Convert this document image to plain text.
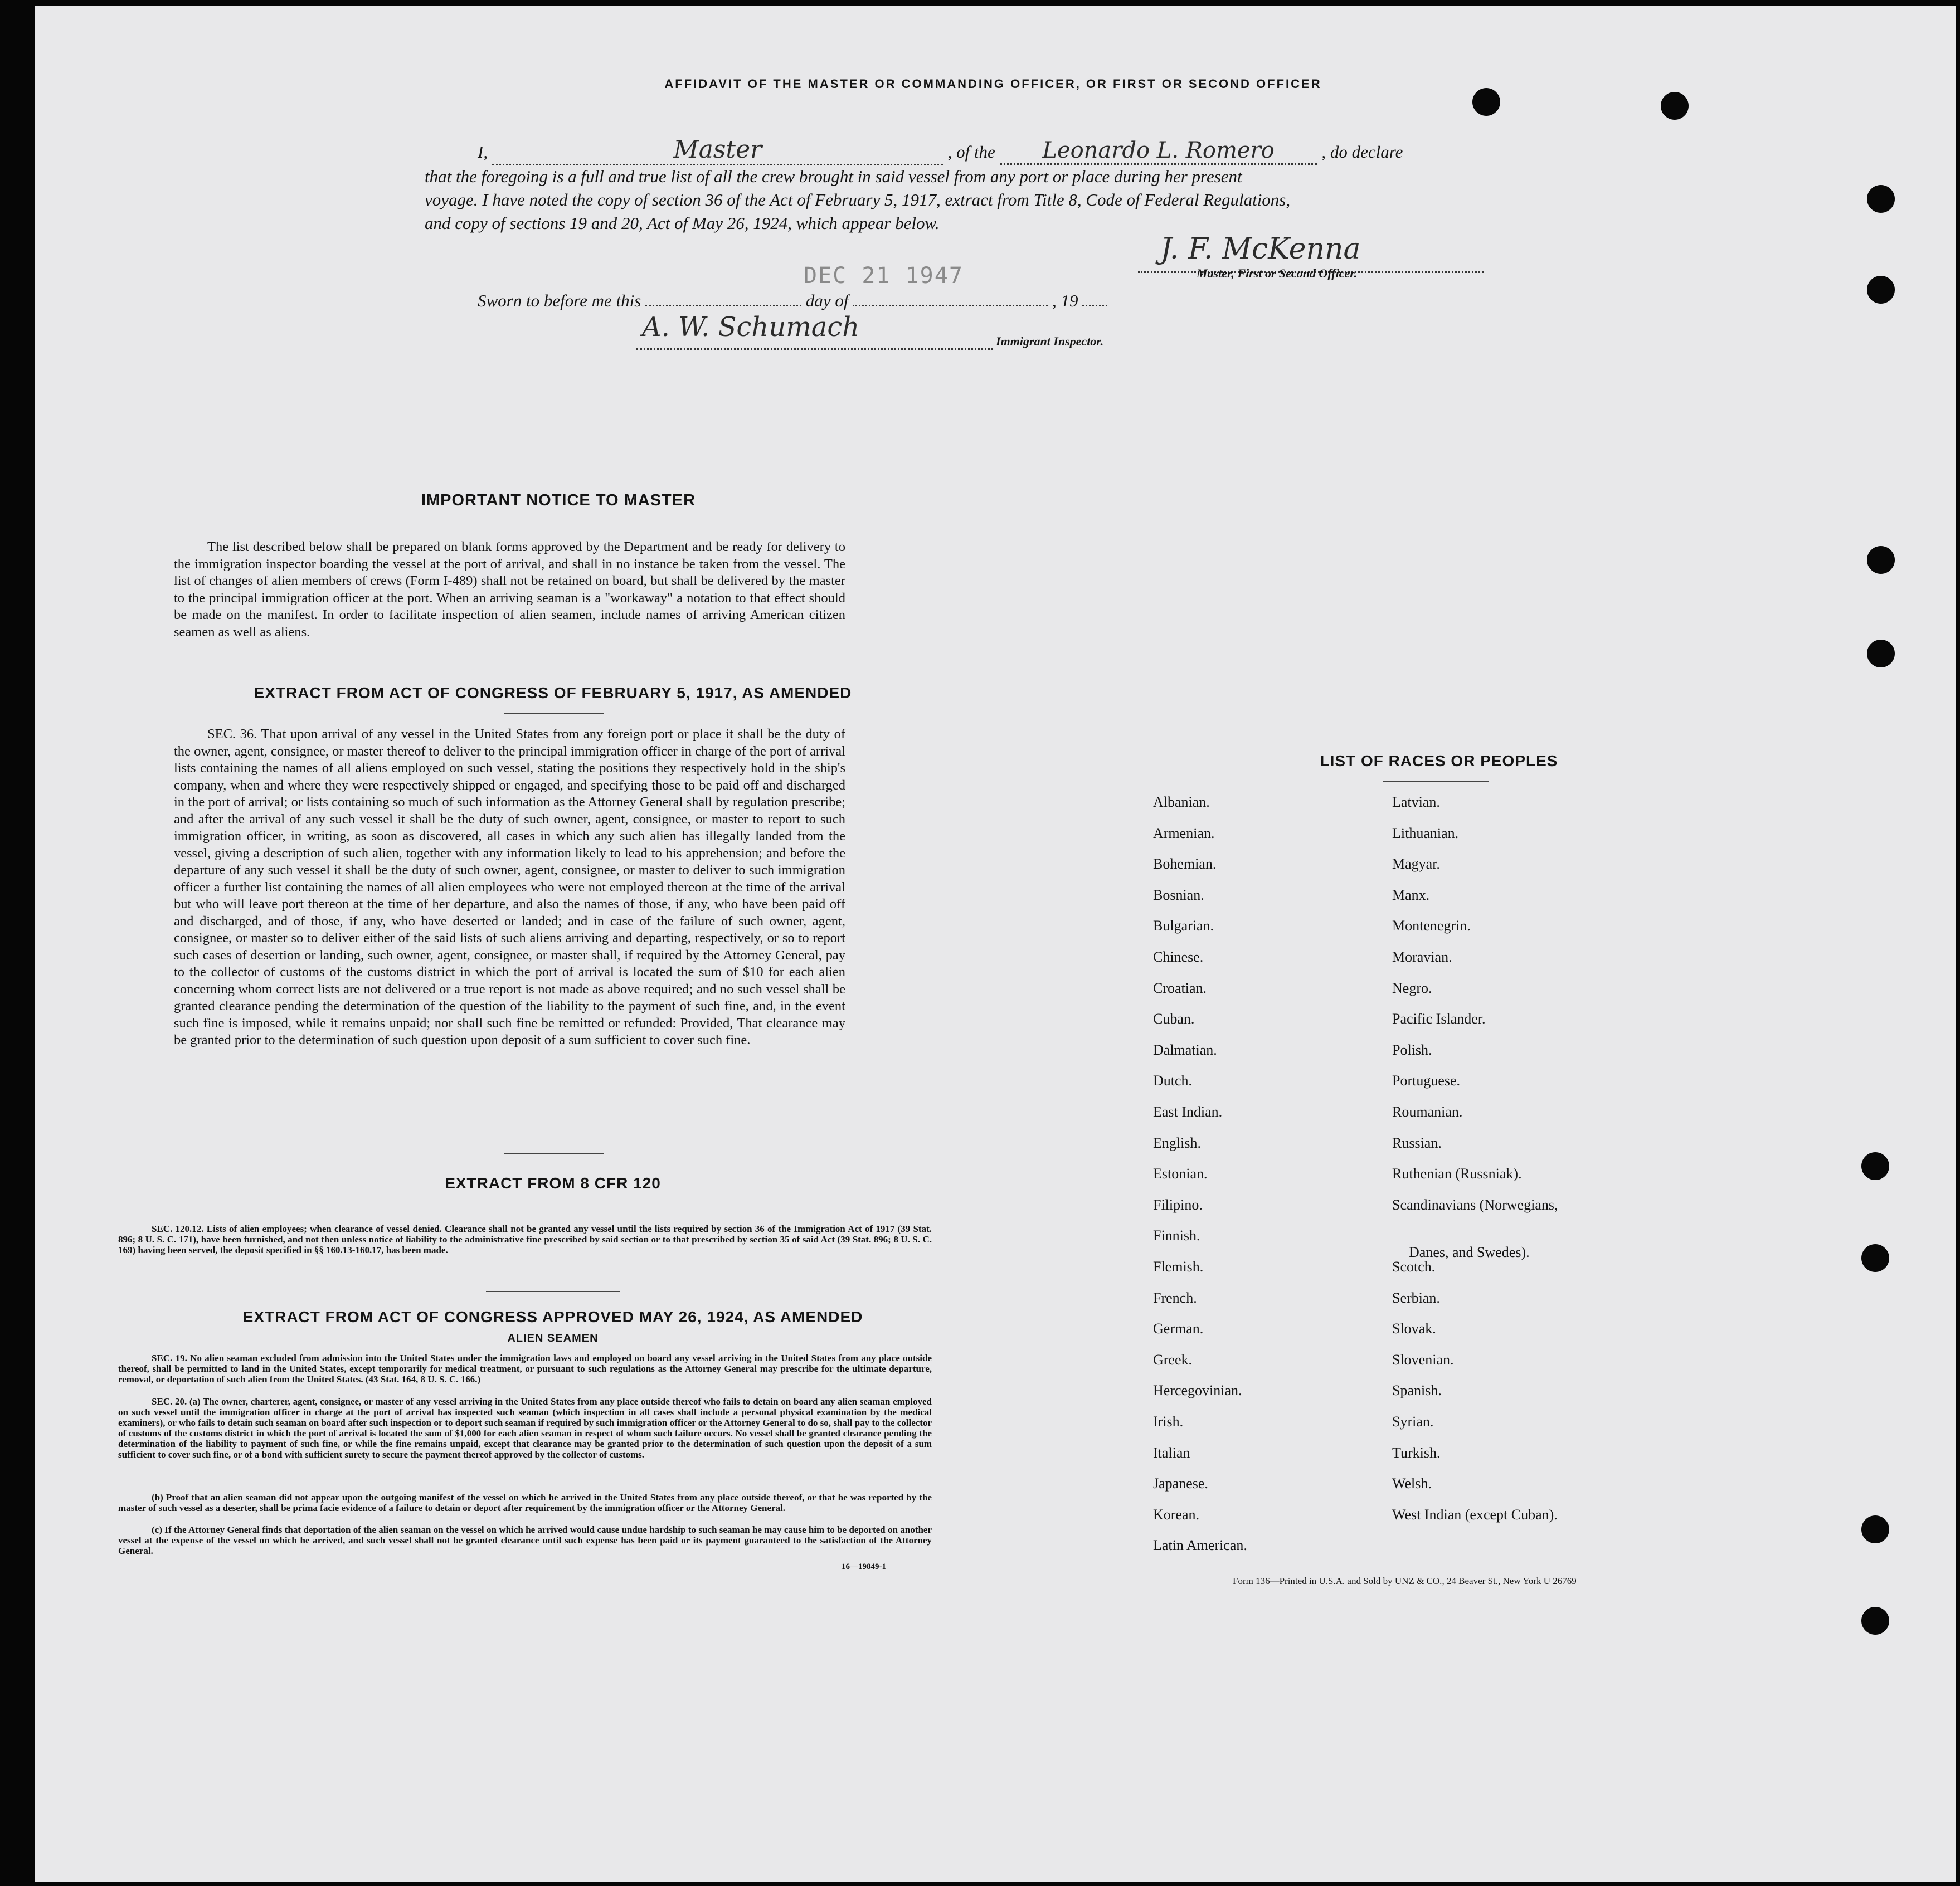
AFFIDAVIT OF THE MASTER OR COMMANDING OFFICER, OR FIRST OR SECOND OFFICER
I,	Master	, of the Leonardo L. Romero	, do declare
that the foregoing is a full and true list of all the crew brought in said vessel from any port or place during her present
voyage. I have noted the copy of section 36 of the Act of February 5, 1917, extract from Title 8, Code of Federal Regulations,
and copy of sections 19 and 20, Act of May 26, 1924, which appear below.
J. F. McKenna
Master, First or Second Officer.
DEC 21 1947
Sworn to before me this	day of	, 19
A. W. Schumach	Immigrant Inspector.
IMPORTANT NOTICE TO MASTER
The list described below shall be prepared on blank forms approved by the Department and be ready for delivery to the immigration inspector boarding the vessel at the port of arrival, and shall in no instance be taken from the vessel. The list of changes of alien members of crews (Form I-489) shall not be retained on board, but shall be delivered by the master to the principal immigration officer at the port. When an arriving seaman is a "workaway" a notation to that effect should be made on the manifest. In order to facilitate inspection of alien seamen, include names of arriving American citizen seamen as well as aliens.
EXTRACT FROM ACT OF CONGRESS OF FEBRUARY 5, 1917, AS AMENDED
SEC. 36. That upon arrival of any vessel in the United States from any foreign port or place it shall be the duty of the owner, agent, consignee, or master thereof to deliver to the principal immigration officer in charge of the port of arrival lists containing the names of all aliens employed on such vessel, stating the positions they respectively hold in the ship's company, when and where they were respectively shipped or engaged, and specifying those to be paid off and discharged in the port of arrival; or lists containing so much of such information as the Attorney General shall by regulation prescribe; and after the arrival of any such vessel it shall be the duty of such owner, agent, consignee, or master to report to such immigration officer, in writing, as soon as discovered, all cases in which any such alien has illegally landed from the vessel, giving a description of such alien, together with any information likely to lead to his apprehension; and before the departure of any such vessel it shall be the duty of such owner, agent, consignee, or master to deliver to such immigration officer a further list containing the names of all alien employees who were not employed thereon at the time of the arrival but who will leave port thereon at the time of her departure, and also the names of those, if any, who have been paid off and discharged, and of those, if any, who have deserted or landed; and in case of the failure of such owner, agent, consignee, or master so to deliver either of the said lists of such aliens arriving and departing, respectively, or so to report such cases of desertion or landing, such owner, agent, consignee, or master shall, if required by the Attorney General, pay to the collector of customs of the customs district in which the port of arrival is located the sum of $10 for each alien concerning whom correct lists are not delivered or a true report is not made as above required; and no such vessel shall be granted clearance pending the determination of the question of the liability to the payment of such fine, and, in the event such fine is imposed, while it remains unpaid; nor shall such fine be remitted or refunded: Provided, That clearance may be granted prior to the determination of such question upon deposit of a sum sufficient to cover such fine.
EXTRACT FROM 8 CFR 120
SEC. 120.12. Lists of alien employees; when clearance of vessel denied. Clearance shall not be granted any vessel until the lists required by section 36 of the Immigration Act of 1917 (39 Stat. 896; 8 U. S. C. 171), have been furnished, and not then unless notice of liability to the administrative fine prescribed by said section or to that prescribed by section 35 of said Act (39 Stat. 896; 8 U. S. C. 169) having been served, the deposit specified in §§ 160.13-160.17, has been made.
EXTRACT FROM ACT OF CONGRESS APPROVED MAY 26, 1924, AS AMENDED
ALIEN SEAMEN
SEC. 19. No alien seaman excluded from admission into the United States under the immigration laws and employed on board any vessel arriving in the United States from any place outside thereof, shall be permitted to land in the United States, except temporarily for medical treatment, or pursuant to such regulations as the Attorney General may prescribe for the ultimate departure, removal, or deportation of such alien from the United States. (43 Stat. 164, 8 U. S. C. 166.)
SEC. 20. (a) The owner, charterer, agent, consignee, or master of any vessel arriving in the United States from any place outside thereof who fails to detain on board any alien seaman employed on such vessel until the immigration officer in charge at the port of arrival has inspected such seaman (which inspection in all cases shall include a personal physical examination by the medical examiners), or who fails to detain such seaman on board after such inspection or to deport such seaman if required by such immigration officer or the Attorney General to do so, shall pay to the collector of customs of the customs district in which the port of arrival is located the sum of $1,000 for each alien seaman in respect of whom such failure occurs. No vessel shall be granted clearance pending the determination of the liability to payment of such fine, or while the fine remains unpaid, except that clearance may be granted prior to the determination of such question upon the deposit of a sum sufficient to cover such fine, or of a bond with sufficient surety to secure the payment thereof approved by the collector of customs.
(b) Proof that an alien seaman did not appear upon the outgoing manifest of the vessel on which he arrived in the United States from any place outside thereof, or that he was reported by the master of such vessel as a deserter, shall be prima facie evidence of a failure to detain or deport after requirement by the immigration officer or the Attorney General.
(c) If the Attorney General finds that deportation of the alien seaman on the vessel on which he arrived would cause undue hardship to such seaman he may cause him to be deported on another vessel at the expense of the vessel on which he arrived, and such vessel shall not be granted clearance until such expense has been paid or its payment guaranteed to the satisfaction of the Attorney General.
16—19849-1
LIST OF RACES OR PEOPLES
Albanian.
Armenian.
Bohemian.
Bosnian.
Bulgarian.
Chinese.
Croatian.
Cuban.
Dalmatian.
Dutch.
East Indian.
English.
Estonian.
Filipino.
Finnish.
Flemish.
French.
German.
Greek.
Hercegovinian.
Irish.
Italian
Japanese.
Korean.
Latin American.
Latvian.
Lithuanian.
Magyar.
Manx.
Montenegrin.
Moravian.
Negro.
Pacific Islander.
Polish.
Portuguese.
Roumanian.
Russian.
Ruthenian (Russniak).
Scandinavians (Norwegians,
Danes, and Swedes).
Scotch.
Serbian.
Slovak.
Slovenian.
Spanish.
Syrian.
Turkish.
Welsh.
West Indian (except Cuban).
Form 136—Printed in U.S.A. and Sold by UNZ & CO., 24 Beaver St., New York U 26769
